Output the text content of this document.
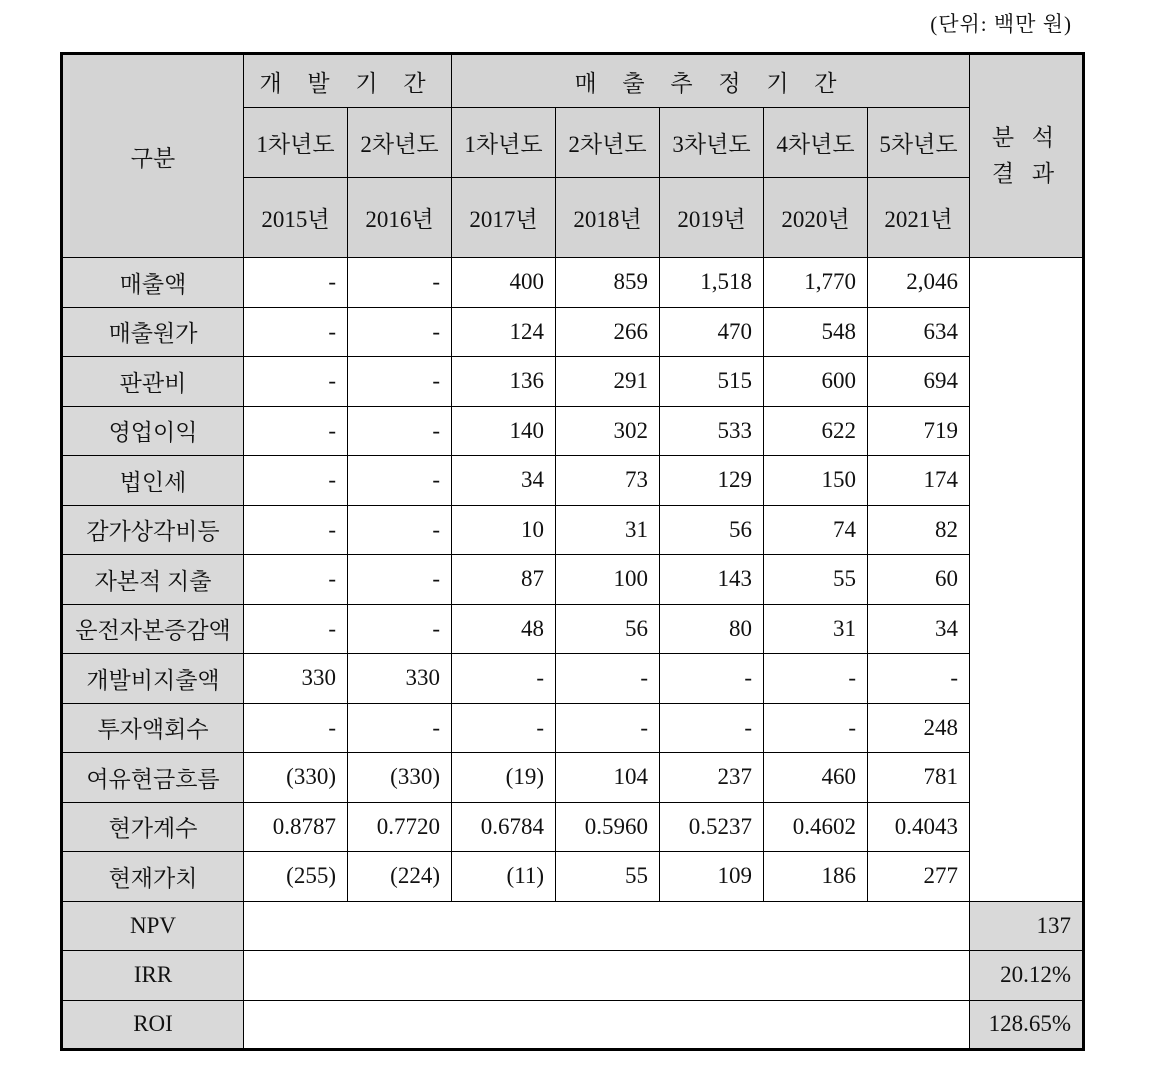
(단위: 백만 원)
구분	개 발 기 간		매 출 추 정 기 간					분 석
결 과

	1차년도	2차년도	1차년도	2차년도	3차년도	4차년도	5차년도	
	2015년	2016년	2017년	2018년	2019년	2020년	2021년	
매출액	-	-	400	859	1,518	1,770	2,046	
매출원가	-	-	124	266	470	548	634	
판관비	-	-	136	291	515	600	694	
영업이익	-	-	140	302	533	622	719	
법인세	-	-	34	73	129	150	174	
감가상각비등	-	-	10	31	56	74	82	
자본적 지출	-	-	87	100	143	55	60	
운전자본증감액	-	-	48	56	80	31	34	
개발비지출액	330	330	-	-	-	-	-	
투자액회수	-	-	-	-	-	-	248	
여유현금흐름	(330)	(330)	(19)	104	237	460	781	
현가계수	0.8787	0.7720	0.6784	0.5960	0.5237	0.4602	0.4043	
현재가치	(255)	(224)	(11)	55	109	186	277	
NPV								137
IRR								20.12%
ROI								128.65%
